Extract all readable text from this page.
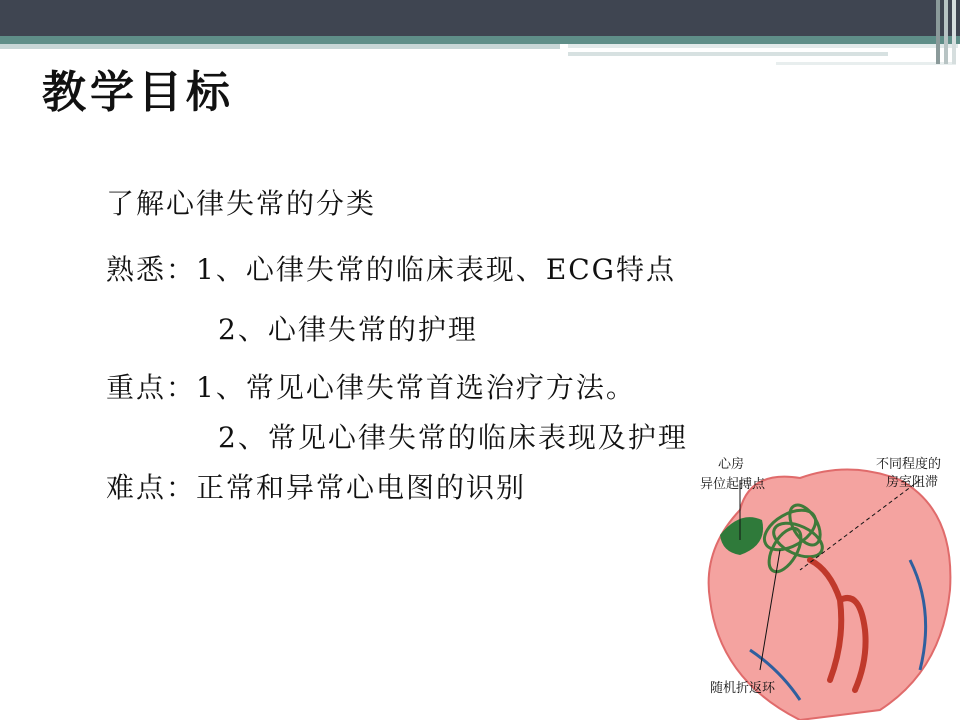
教学目标
了解心律失常的分类
熟悉：1、心律失常的临床表现、ECG特点
2、心律失常的护理
重点：1、常见心律失常首选治疗方法。
2、常见心律失常的临床表现及护理
难点：正常和异常心电图的识别
心房
异位起搏点
不同程度的
房室阻滞
随机折返环
